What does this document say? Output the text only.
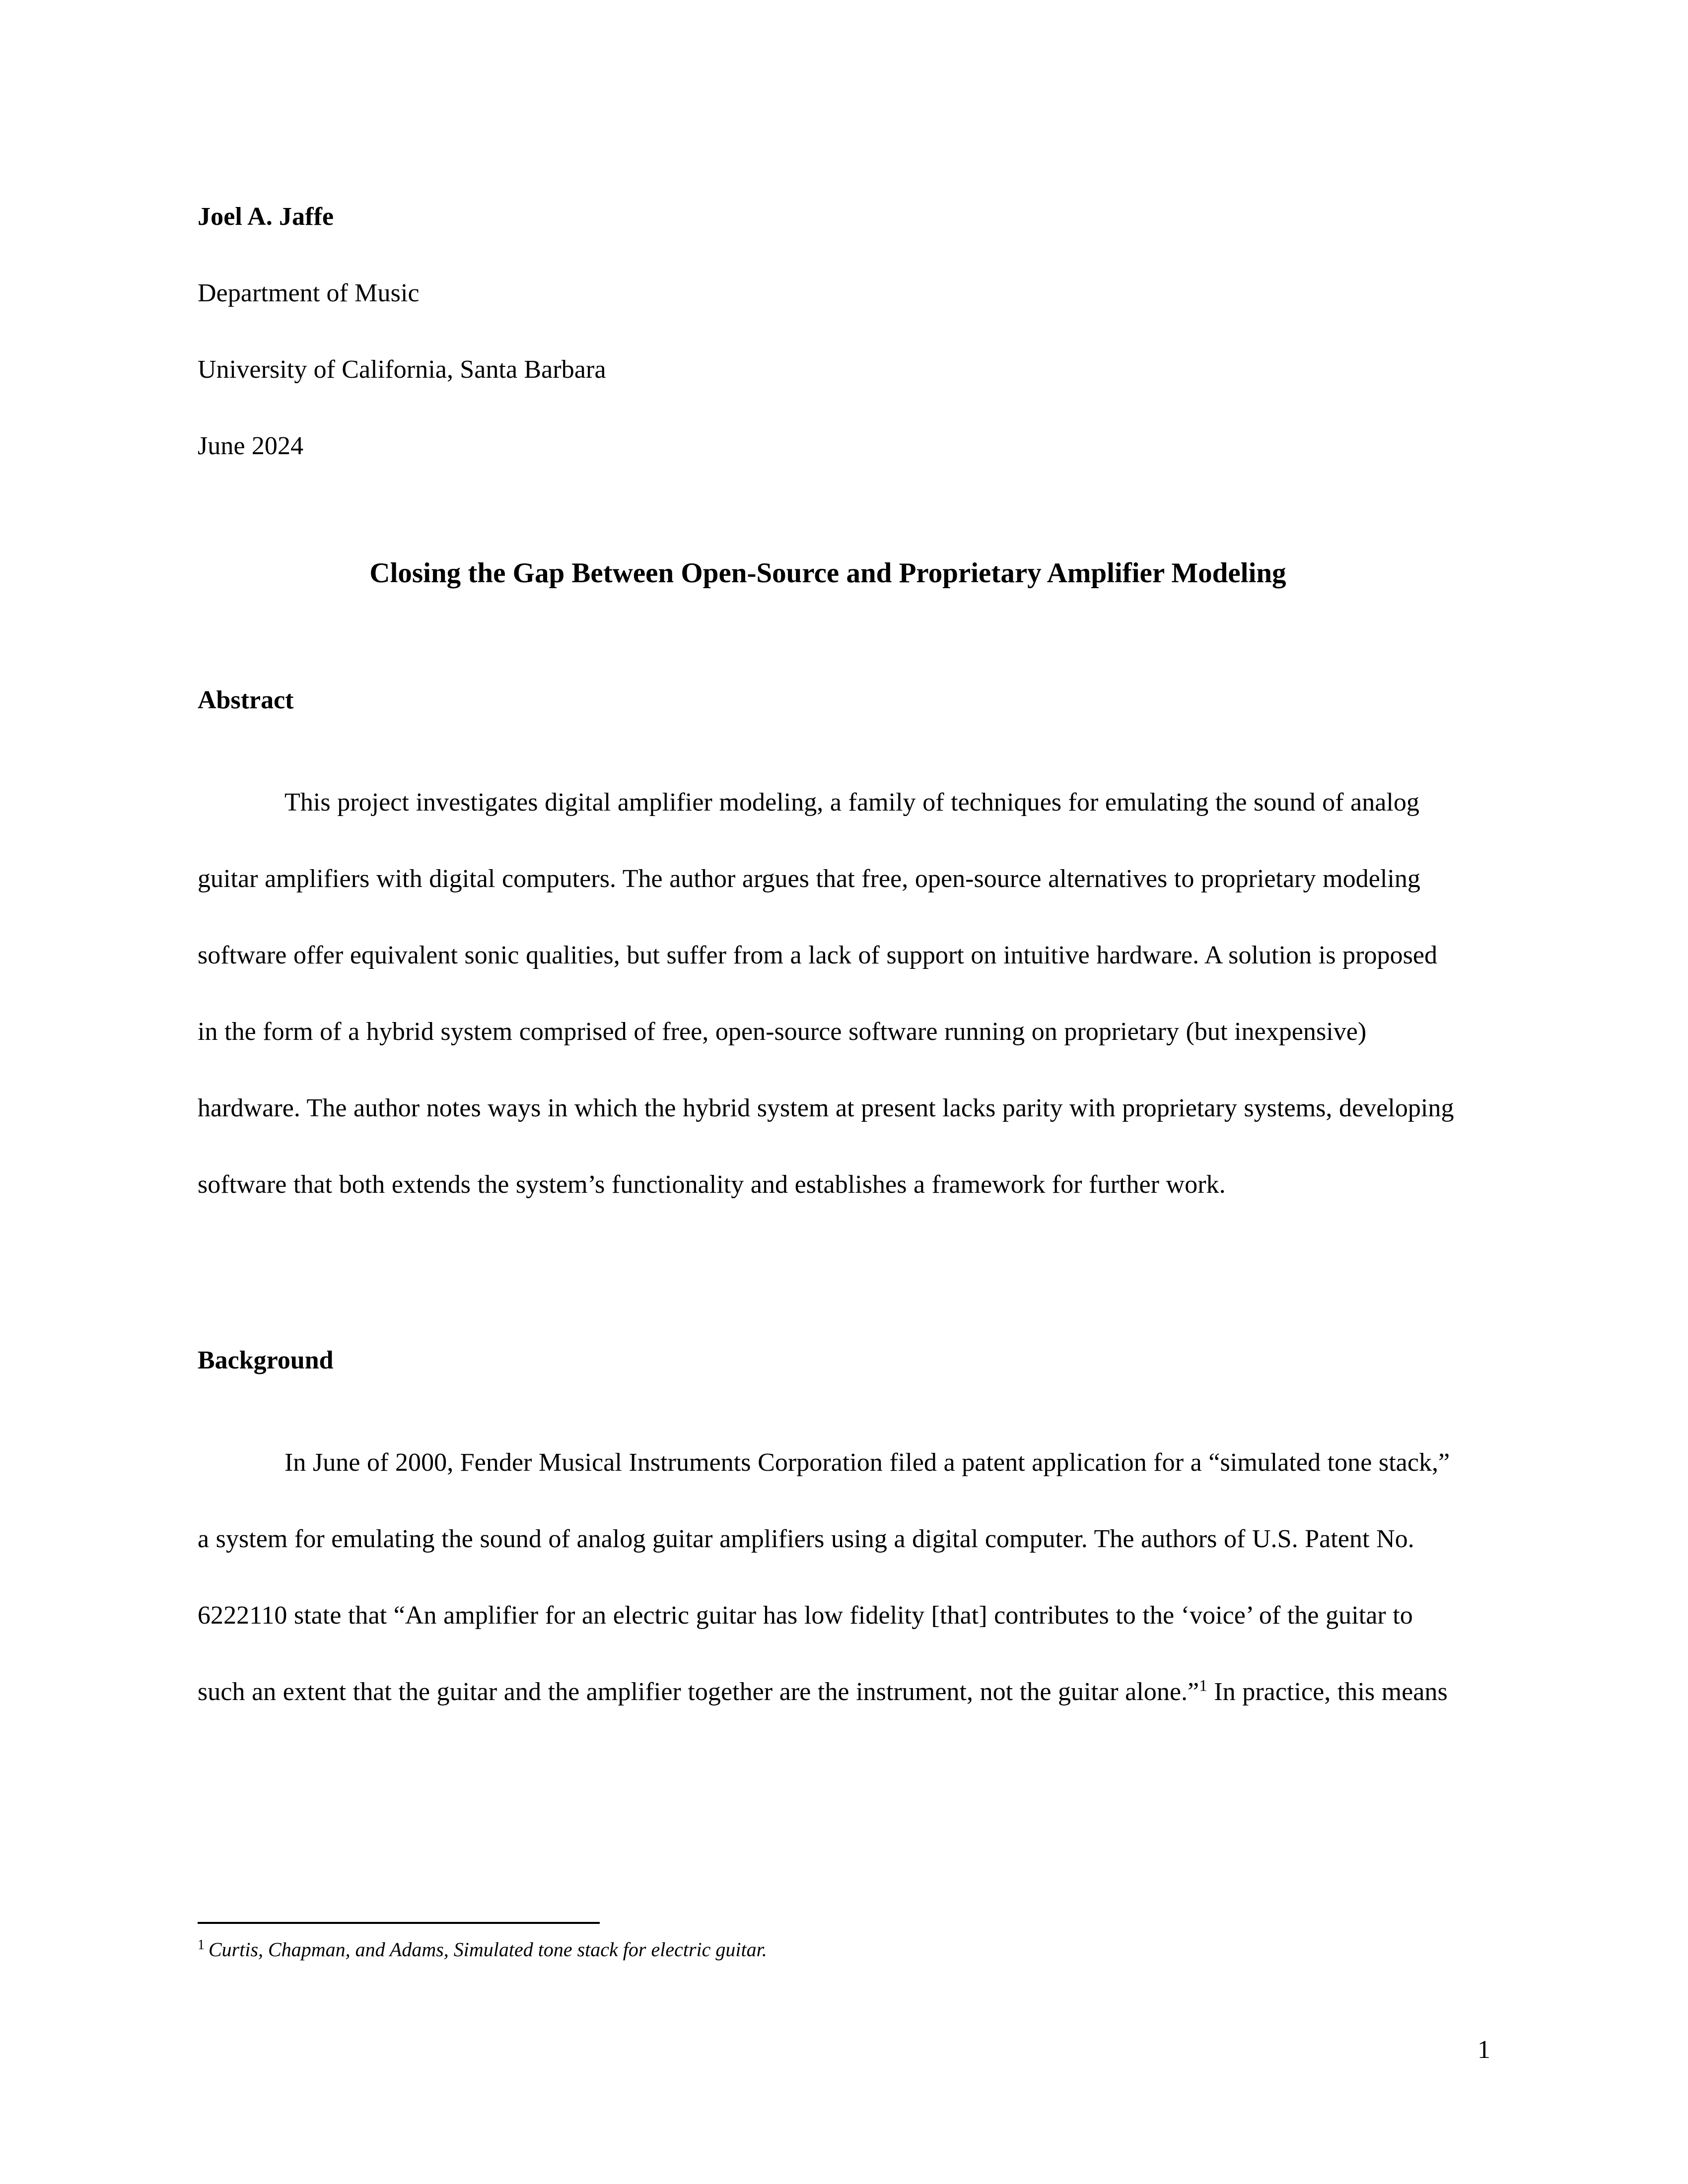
Joel A. Jaffe
Department of Music
University of California, Santa Barbara
June 2024
Closing the Gap Between Open-Source and Proprietary Amplifier Modeling
Abstract

This project investigates digital amplifier modeling, a family of techniques for emulating the sound of analog guitar amplifiers with digital computers. The author argues that free, open-source alternatives to proprietary modeling software offer equivalent sonic qualities, but suffer from a lack of support on intuitive hardware. A solution is proposed in the form of a hybrid system comprised of free, open-source software running on proprietary (but inexpensive) hardware. The author notes ways in which the hybrid system at present lacks parity with proprietary systems, developing software that both extends the system’s functionality and establishes a framework for further work.

Background

In June of 2000, Fender Musical Instruments Corporation filed a patent application for a “simulated tone stack,” a system for emulating the sound of analog guitar amplifiers using a digital computer. The authors of U.S. Patent No. 6222110 state that “An amplifier for an electric guitar has low fidelity [that] contributes to the ‘voice’ of the guitar to such an extent that the guitar and the amplifier together are the instrument, not the guitar alone.”$^1$ In practice, this means

$^1$ Curtis, Chapman, and Adams, Simulated tone stack for electric guitar.
1
